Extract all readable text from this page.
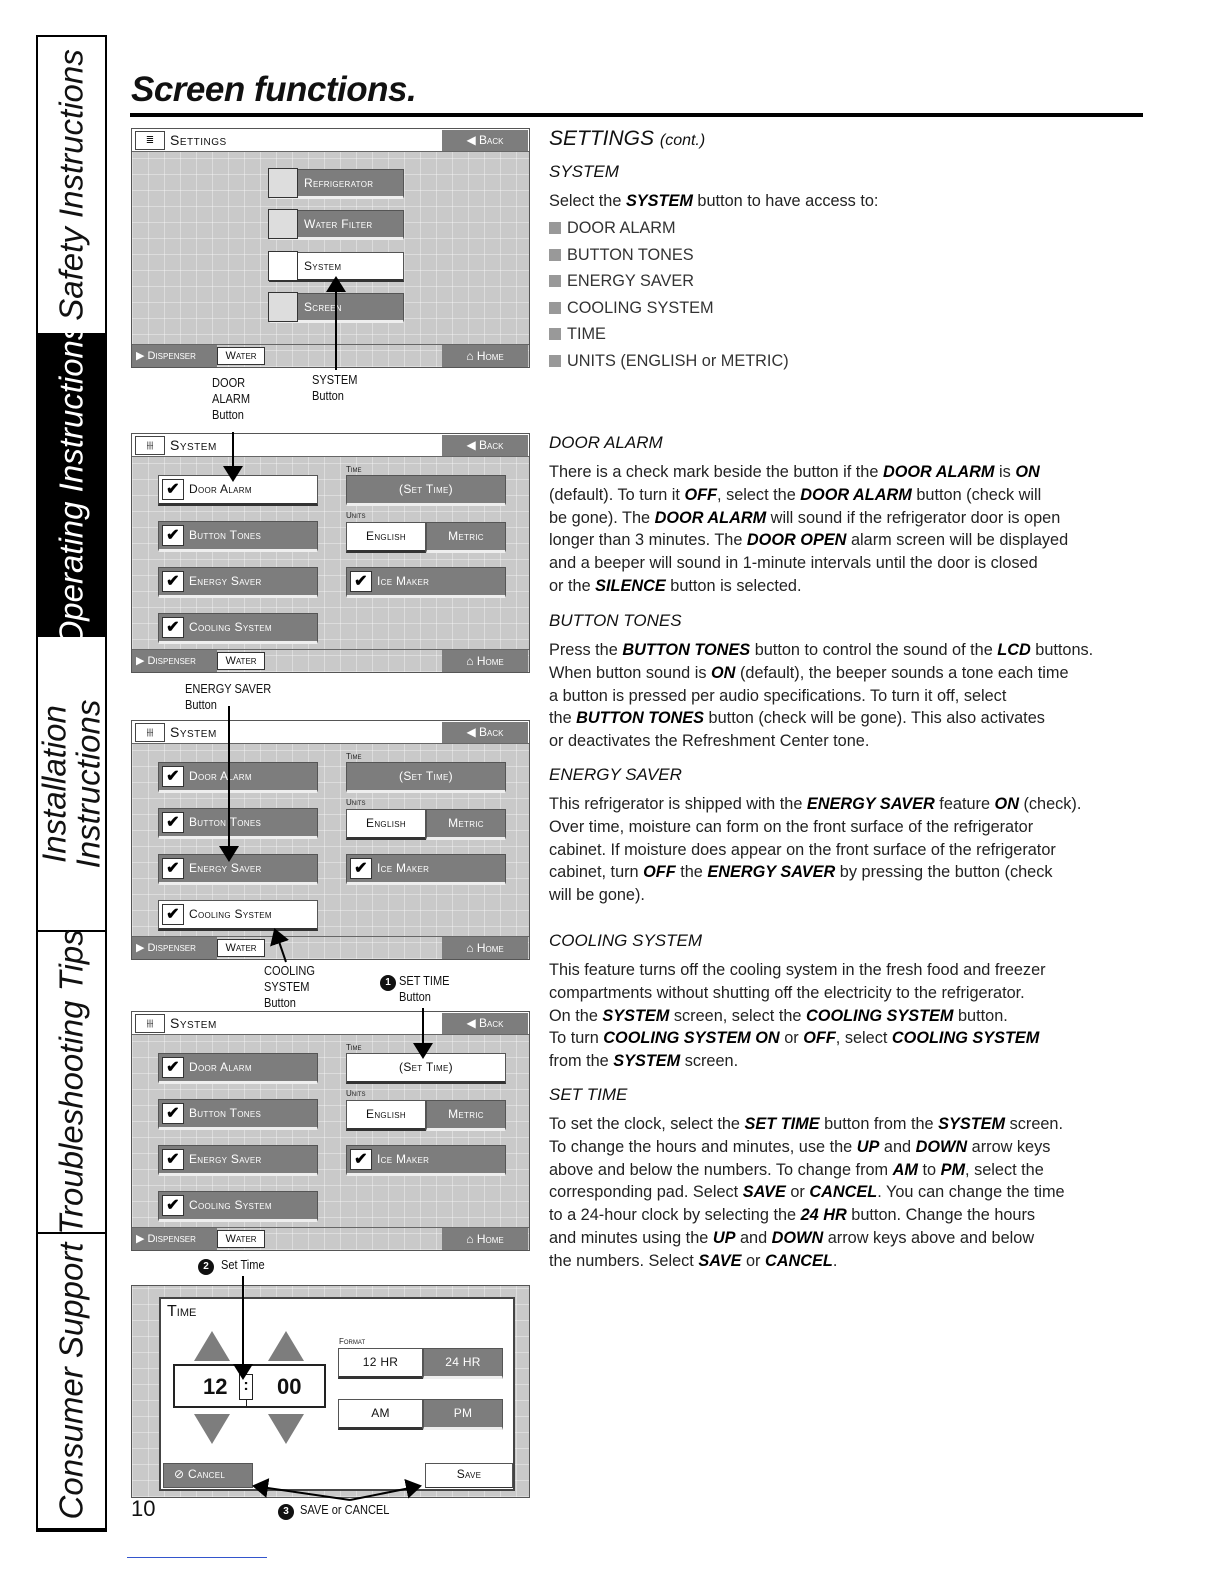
Safety Instructions
Operating Instructions
Installation
Instructions
Troubleshooting Tips
Consumer Support
Screen functions.
≣	Settings	◀ Back
▶ Dispenser	Water	⌂ Home
Refrigerator
Water Filter
System
Screen
⫲⫲	System	◀ Back
✔ Door Alarm
✔ Button Tones
✔ Energy Saver
✔ Cooling System
Time
(Set Time)
Units
English	Metric
✔ Ice Maker
▶ Dispenser	Water	⌂ Home
⫲⫲	System	◀ Back
✔ Door Alarm
✔ Button Tones
✔ Energy Saver
✔ Cooling System
Time
(Set Time)
Units
English	Metric
✔ Ice Maker
▶ Dispenser	Water	⌂ Home
⫲⫲	System	◀ Back
✔ Door Alarm
✔ Button Tones
✔ Energy Saver
✔ Cooling System
Time
(Set Time)
Units
English	Metric
✔ Ice Maker
▶ Dispenser	Water	⌂ Home
Time
12 : 00
Format
12 HR	24 HR
AM	PM
⊘ Cancel	Save
DOOR
ALARM
Button
SYSTEM
Button
ENERGY SAVER
Button
COOLING
SYSTEM
Button
1 SET TIME
Button
2 Set Time
3 SAVE or CANCEL
10
SETTINGS (cont.)
SYSTEM
Select the SYSTEM button to have access to:
DOOR ALARM
BUTTON TONES
ENERGY SAVER
COOLING SYSTEM
TIME
UNITS (ENGLISH or METRIC)
DOOR ALARM
There is a check mark beside the button if the DOOR ALARM is ON
(default). To turn it OFF, select the DOOR ALARM button (check will
be gone). The DOOR ALARM will sound if the refrigerator door is open
longer than 3 minutes. The DOOR OPEN alarm screen will be displayed
and a beeper will sound in 1-minute intervals until the door is closed
or the SILENCE button is selected.
BUTTON TONES
Press the BUTTON TONES button to control the sound of the LCD buttons.
When button sound is ON (default), the beeper sounds a tone each time
a button is pressed per audio specifications. To turn it off, select
the BUTTON TONES button (check will be gone). This also activates
or deactivates the Refreshment Center tone.
ENERGY SAVER
This refrigerator is shipped with the ENERGY SAVER feature ON (check).
Over time, moisture can form on the front surface of the refrigerator
cabinet. If moisture does appear on the front surface of the refrigerator
cabinet, turn OFF the ENERGY SAVER by pressing the button (check
will be gone).
COOLING SYSTEM
This feature turns off the cooling system in the fresh food and freezer
compartments without shutting off the electricity to the refrigerator.
On the SYSTEM screen, select the COOLING SYSTEM button.
To turn COOLING SYSTEM ON or OFF, select COOLING SYSTEM
from the SYSTEM screen.
SET TIME
To set the clock, select the SET TIME button from the SYSTEM screen.
To change the hours and minutes, use the UP and DOWN arrow keys
above and below the numbers. To change from AM to PM, select the
corresponding pad. Select SAVE or CANCEL. You can change the time
to a 24-hour clock by selecting the 24 HR button. Change the hours
and minutes using the UP and DOWN arrow keys above and below
the numbers. Select SAVE or CANCEL.
